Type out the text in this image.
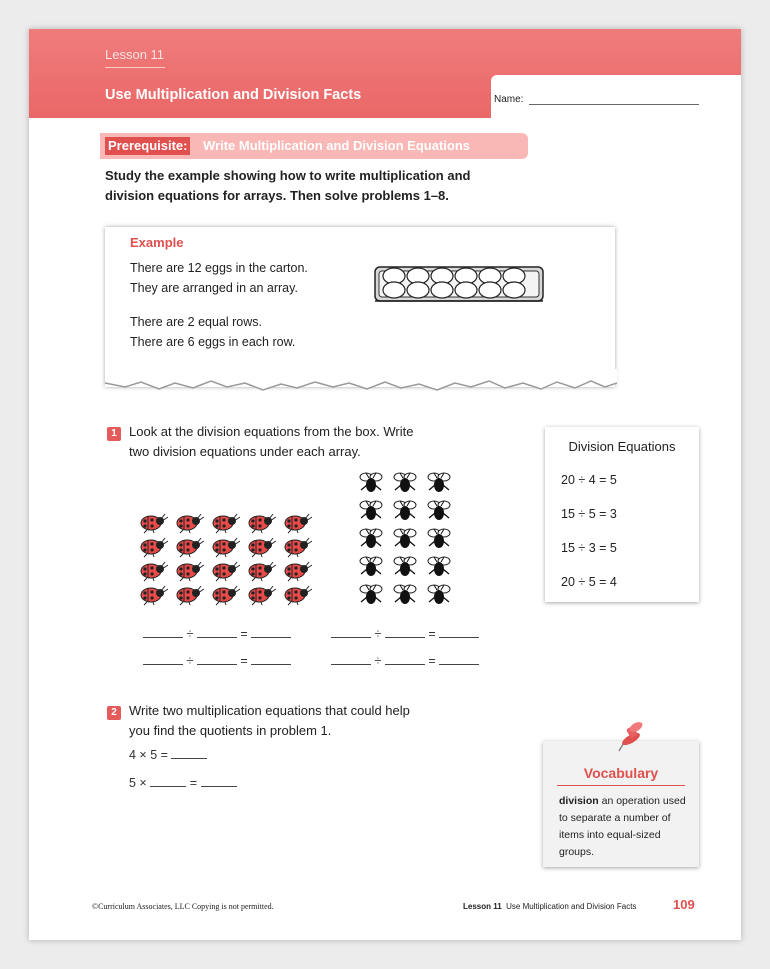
Lesson 11
Use Multiplication and Division Facts	Name:
Prerequisite: Write Multiplication and Division Equations
Study the example showing how to write multiplication and
division equations for arrays. Then solve problems 1–8.
Example
There are 12 eggs in the carton.
They are arranged in an array.
There are 2 equal rows.
There are 6 eggs in each row.
1 Look at the division equations from the box. Write
two division equations under each array.
÷	=
÷	=
÷	=
÷	=
Division Equations
20 ÷ 4 = 5
15 ÷ 5 = 3
15 ÷ 3 = 5
20 ÷ 5 = 4
2 Write two multiplication equations that could help
you find the quotients in problem 1.
4 × 5 =
5 ×	=
Vocabulary
division an operation used to separate a number of items into equal-sized groups.
©Curriculum Associates, LLC Copying is not permitted.	Lesson 11 Use Multiplication and Division Facts	109
